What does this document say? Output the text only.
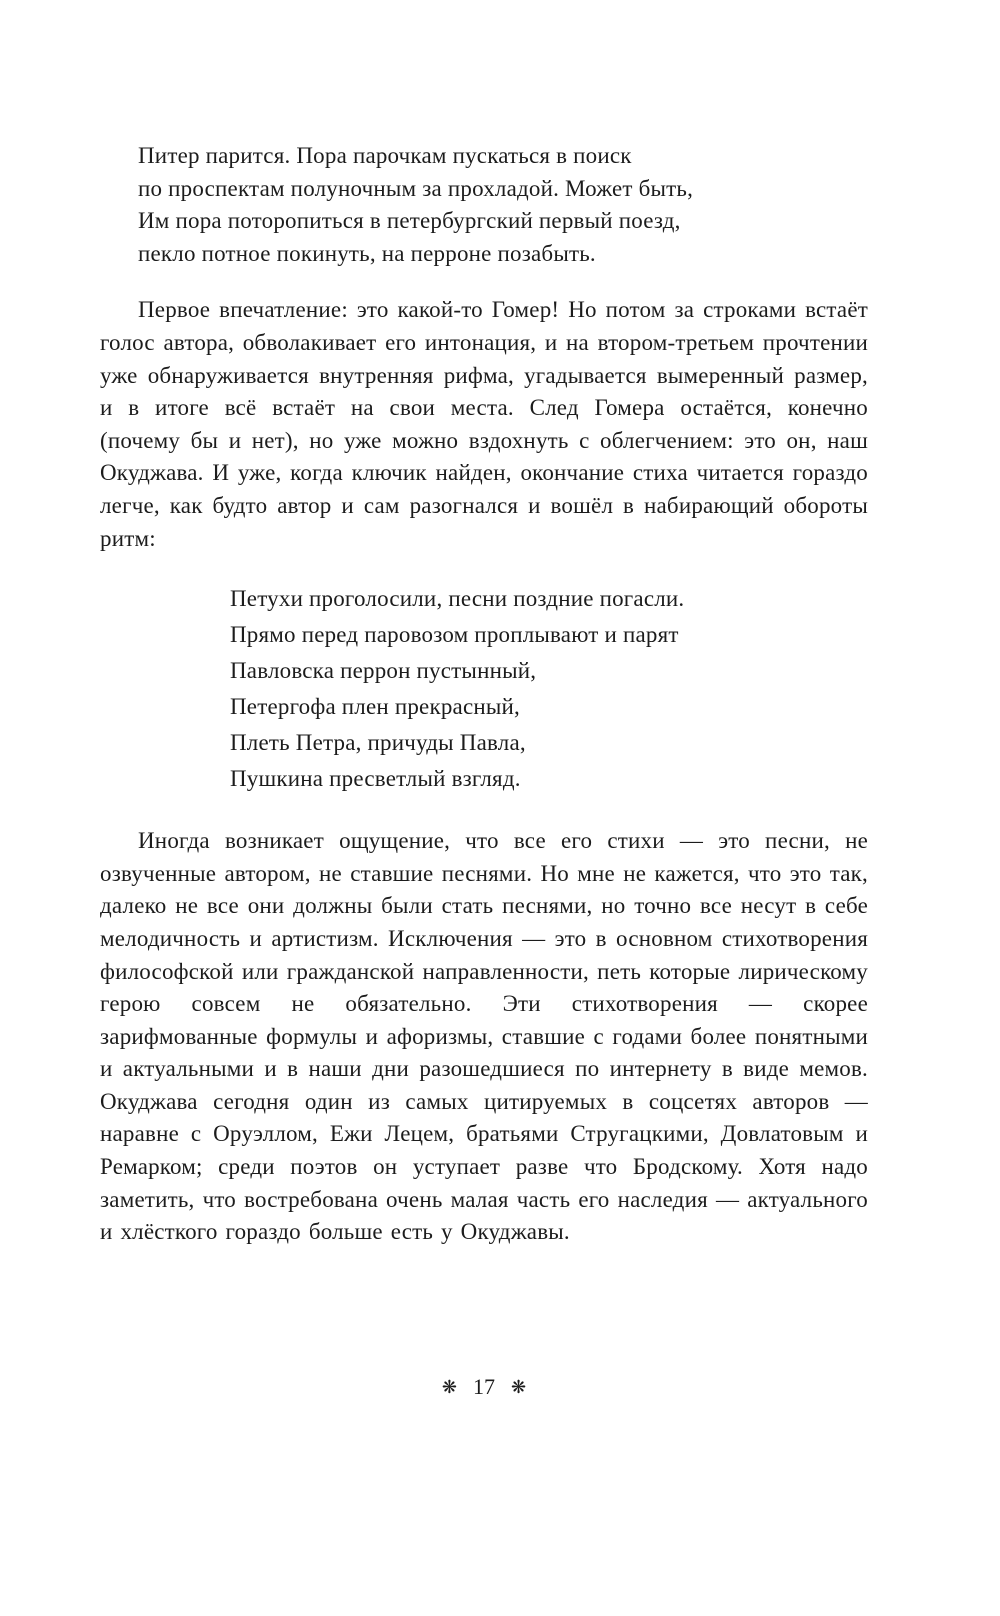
Питер парится. Пора парочкам пускаться в поиск
по проспектам полуночным за прохладой. Может быть,
Им пора поторопиться в петербургский первый поезд,
пекло потное покинуть, на перроне позабыть.

Первое впечатление: это какой-то Гомер! Но потом за строками встаёт голос автора, обволакивает его интонация, и на втором-третьем прочтении уже обнаруживается внутренняя рифма, угадывается вымеренный размер, и в итоге всё встаёт на свои места. След Гомера остаётся, конечно (почему бы и нет), но уже можно вздохнуть с облегчением: это он, наш Окуджава. И уже, когда ключик найден, окончание стиха читается гораздо легче, как будто автор и сам разогнался и вошёл в набирающий обороты ритм:

Петухи проголосили, песни поздние погасли.
Прямо перед паровозом проплывают и парят
Павловска перрон пустынный,
Петергофа плен прекрасный,
Плеть Петра, причуды Павла,
Пушкина пресветлый взгляд.

Иногда возникает ощущение, что все его стихи — это песни, не озвученные автором, не ставшие песнями. Но мне не кажется, что это так, далеко не все они должны были стать песнями, но точно все несут в себе мелодичность и артистизм. Исключения — это в основном стихотворения философской или гражданской направленности, петь которые лирическому герою совсем не обязательно. Эти стихотворения — скорее зарифмованные формулы и афоризмы, ставшие с годами более понятными и актуальными и в наши дни разошедшиеся по интернету в виде мемов. Окуджава сегодня один из самых цитируемых в соцсетях авторов — наравне с Оруэллом, Ежи Лецем, братьями Стругацкими, Довлатовым и Ремарком; среди поэтов он уступает разве что Бродскому. Хотя надо заметить, что востребована очень малая часть его наследия — актуального и хлёсткого гораздо больше есть у Окуджавы.

❋ 17 ❋
